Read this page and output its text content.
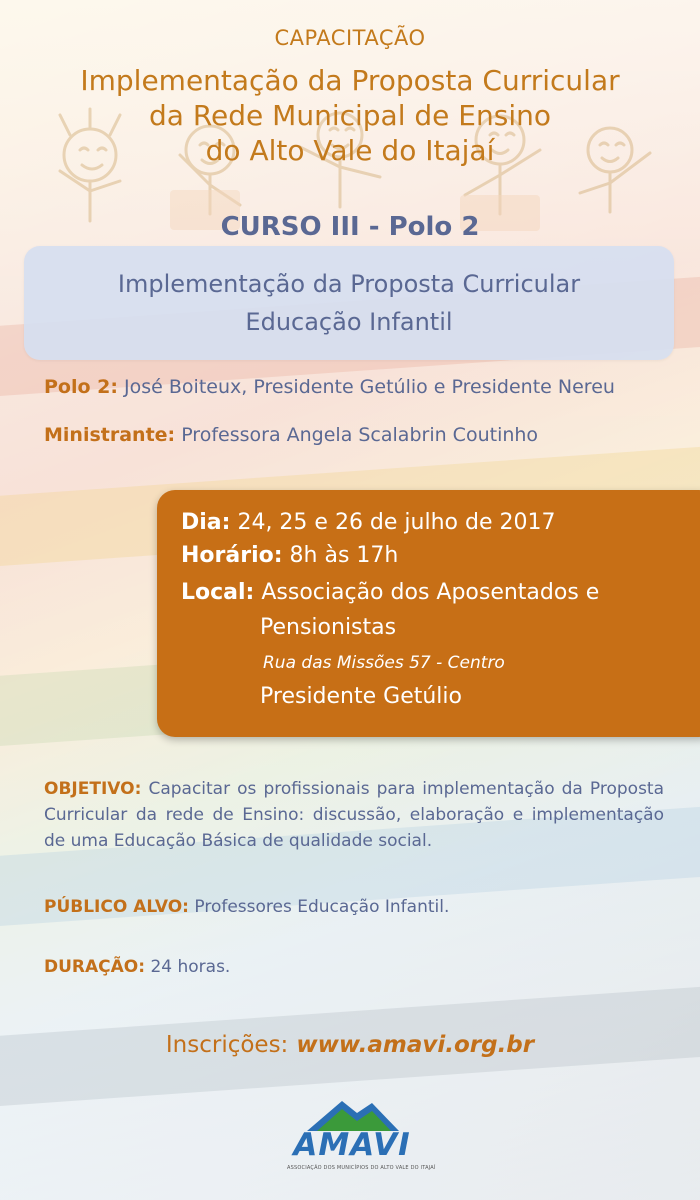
CAPACITAÇÃO
Implementação da Proposta Curricular
da Rede Municipal de Ensino
do Alto Vale do Itajaí
CURSO III - Polo 2
Implementação da Proposta Curricular
Educação Infantil
Polo 2: José Boiteux, Presidente Getúlio e Presidente Nereu
Ministrante: Professora Angela Scalabrin Coutinho
Dia: 24, 25 e 26 de julho de 2017
Horário: 8h às 17h
Local: Associação dos Aposentados e
Pensionistas
Rua das Missões 57 - Centro
Presidente Getúlio
OBJETIVO: Capacitar os profissionais para implementação da Proposta Curricular da rede de Ensino: discussão, elaboração e implementação de uma Educação Básica de qualidade social.
PÚBLICO ALVO: Professores Educação Infantil.
DURAÇÃO: 24 horas.
Inscrições: www.amavi.org.br
AMAVI
ASSOCIAÇÃO DOS MUNICÍPIOS DO ALTO VALE DO ITAJAÍ
